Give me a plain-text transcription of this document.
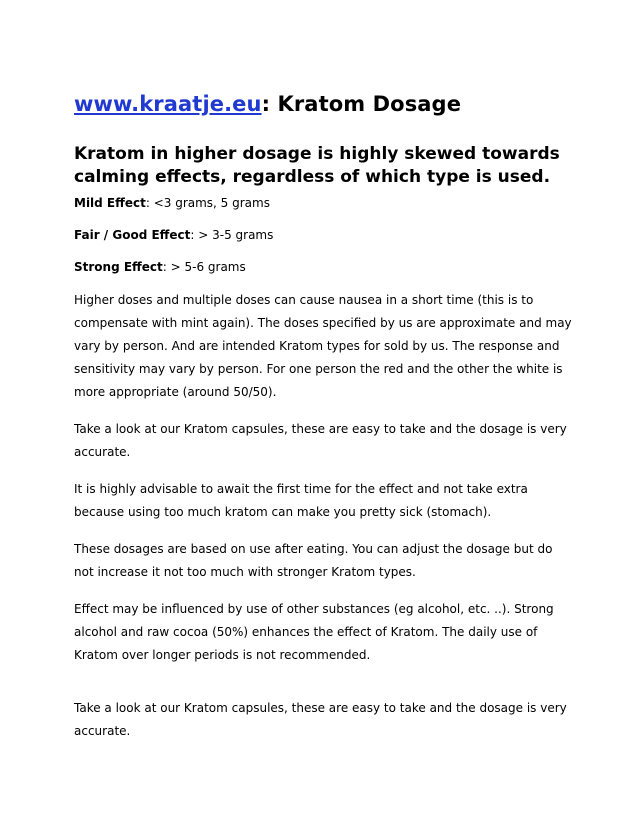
www.kraatje.eu: Kratom Dosage
Kratom in higher dosage is highly skewed towards calming effects, regardless of which type is used.

Mild Effect: <3 grams, 5 grams

Fair / Good Effect: > 3-5 grams

Strong Effect: > 5-6 grams

Higher doses and multiple doses can cause nausea in a short time (this is to compensate with mint again). The doses specified by us are approximate and may vary by person. And are intended Kratom types for sold by us. The response and sensitivity may vary by person. For one person the red and the other the white is more appropriate (around 50/50).

Take a look at our Kratom capsules, these are easy to take and the dosage is very accurate.

It is highly advisable to await the first time for the effect and not take extra because using too much kratom can make you pretty sick (stomach).

These dosages are based on use after eating. You can adjust the dosage but do not increase it not too much with stronger Kratom types.

Effect may be influenced by use of other substances (eg alcohol, etc. ..). Strong alcohol and raw cocoa (50%) enhances the effect of Kratom. The daily use of Kratom over longer periods is not recommended.

Take a look at our Kratom capsules, these are easy to take and the dosage is very accurate.
